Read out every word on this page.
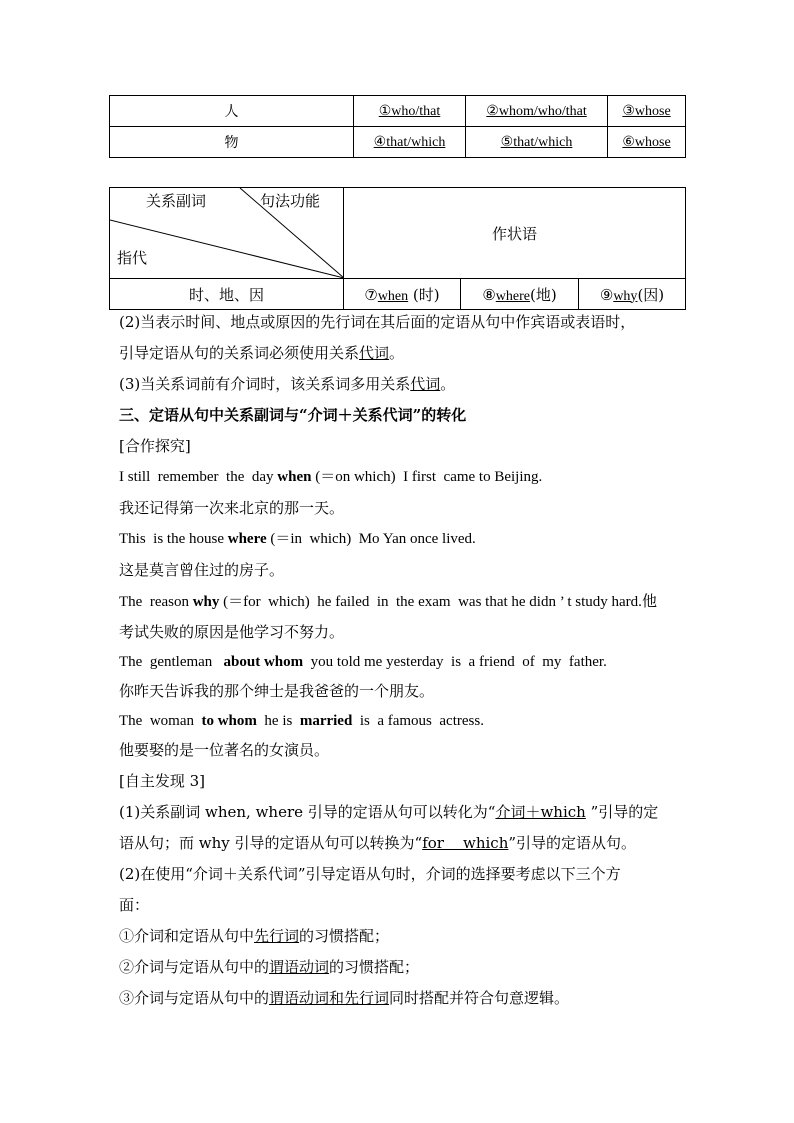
人	①who/that	②whom/who/that	③whose
物	④that/which	⑤that/which	⑥whose
关系副词 句法功能
指代	作状语		
时、地、因	⑦when (时)	⑧where(地)	⑨why(因)
(2)当表示时间、地点或原因的先行词在其后面的定语从句中作宾语或表语时，
引导定语从句的关系词必须使用关系代词。
(3)当关系词前有介词时，该关系词多用关系代词。
三、定语从句中关系副词与“介词＋关系代词”的转化
[合作探究]
I still  remember  the  day when (＝on which)  I first  came to Beijing.
我还记得第一次来北京的那一天。
This  is the house where (＝in  which)  Mo Yan once lived.
这是莫言曾住过的房子。
The  reason why (＝for  which)  he failed  in  the exam  was that he didn ’ t study hard.他
考试失败的原因是他学习不努力。
The  gentleman   about whom  you told me yesterday  is  a friend  of  my  father.
你昨天告诉我的那个绅士是我爸爸的一个朋友。
The  woman  to whom  he is  married  is  a famous  actress.
他要娶的是一位著名的女演员。
[自主发现 3]
(1)关系副词 when, where 引导的定语从句可以转化为“介词＋which ”引导的定
语从句；而 why 引导的定语从句可以转换为“for    which”引导的定语从句。
(2)在使用“介词＋关系代词”引导定语从句时，介词的选择要考虑以下三个方
面：
①介词和定语从句中先行词的习惯搭配；
②介词与定语从句中的谓语动词的习惯搭配；
③介词与定语从句中的谓语动词和先行词同时搭配并符合句意逻辑。
